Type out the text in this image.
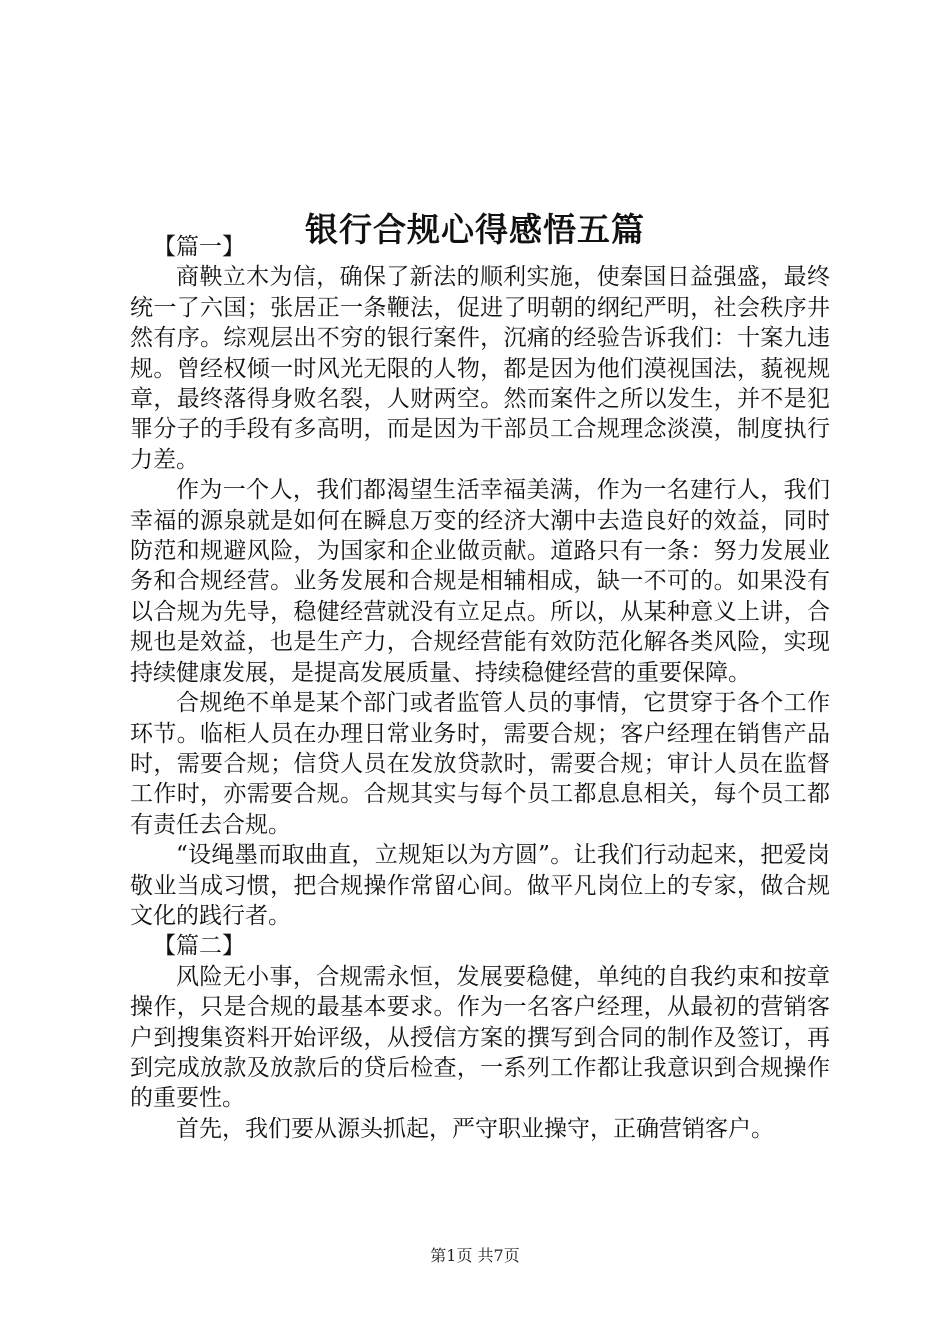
银行合规心得感悟五篇

【篇一】

商鞅立木为信，确保了新法的顺利实施，使秦国日益强盛，最终统一了六国；张居正一条鞭法，促进了明朝的纲纪严明，社会秩序井然有序。综观层出不穷的银行案件，沉痛的经验告诉我们：十案九违规。曾经权倾一时风光无限的人物，都是因为他们漠视国法，藐视规章，最终落得身败名裂，人财两空。然而案件之所以发生，并不是犯罪分子的手段有多高明，而是因为干部员工合规理念淡漠，制度执行力差。

作为一个人，我们都渴望生活幸福美满，作为一名建行人，我们幸福的源泉就是如何在瞬息万变的经济大潮中去造良好的效益，同时防范和规避风险，为国家和企业做贡献。道路只有一条：努力发展业务和合规经营。业务发展和合规是相辅相成，缺一不可的。如果没有以合规为先导，稳健经营就没有立足点。所以，从某种意义上讲，合规也是效益，也是生产力，合规经营能有效防范化解各类风险，实现持续健康发展，是提高发展质量、持续稳健经营的重要保障。

合规绝不单是某个部门或者监管人员的事情，它贯穿于各个工作环节。临柜人员在办理日常业务时，需要合规；客户经理在销售产品时，需要合规；信贷人员在发放贷款时，需要合规；审计人员在监督工作时，亦需要合规。合规其实与每个员工都息息相关，每个员工都有责任去合规。

“设绳墨而取曲直，立规矩以为方圆”。让我们行动起来，把爱岗敬业当成习惯，把合规操作常留心间。做平凡岗位上的专家，做合规文化的践行者。

【篇二】

风险无小事，合规需永恒，发展要稳健，单纯的自我约束和按章操作，只是合规的最基本要求。作为一名客户经理，从最初的营销客户到搜集资料开始评级，从授信方案的撰写到合同的制作及签订，再到完成放款及放款后的贷后检查，一系列工作都让我意识到合规操作的重要性。

首先，我们要从源头抓起，严守职业操守，正确营销客户。

第1页 共7页
